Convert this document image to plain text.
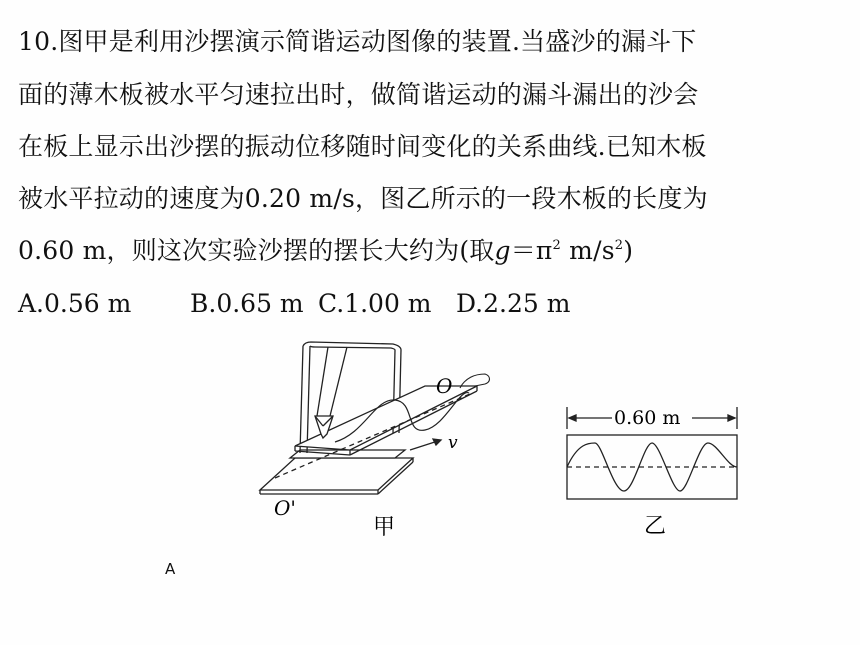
10.图甲是利用沙摆演示简谐运动图像的装置.当盛沙的漏斗下
面的薄木板被水平匀速拉出时，做简谐运动的漏斗漏出的沙会
在板上显示出沙摆的振动位移随时间变化的关系曲线.已知木板
被水平拉动的速度为0.20 m/s，图乙所示的一段木板的长度为
0.60 m，则这次实验沙摆的摆长大约为(取$g=\pi^2$ $m/s^2$)
A.0.56 m B.0.65 m C.1.00 m D.2.25 m
O
O'
v
甲
0.60 m
乙
A
